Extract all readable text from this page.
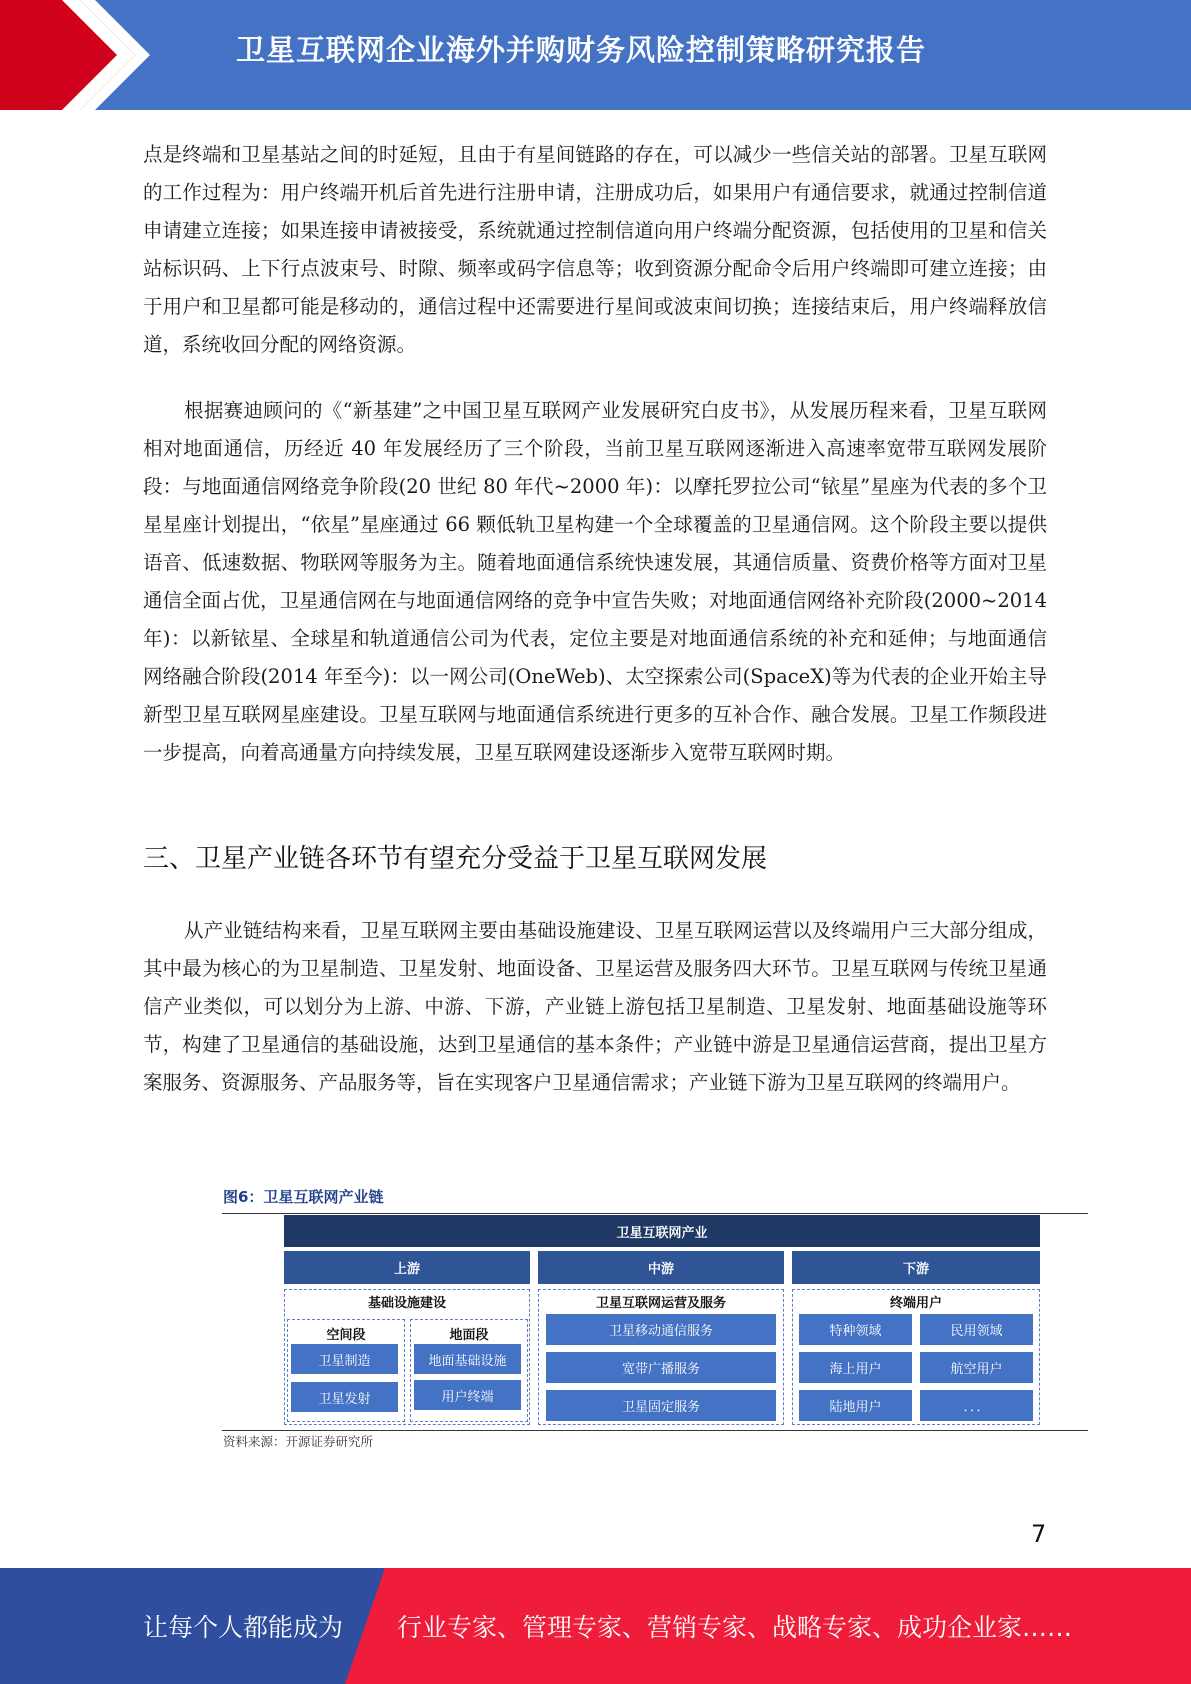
卫星互联网企业海外并购财务风险控制策略研究报告
点是终端和卫星基站之间的时延短，且由于有星间链路的存在，可以减少一些信关站的部署。卫星互联网的工作过程为：用户终端开机后首先进行注册申请，注册成功后，如果用户有通信要求，就通过控制信道申请建立连接；如果连接申请被接受，系统就通过控制信道向用户终端分配资源，包括使用的卫星和信关站标识码、上下行点波束号、时隙、频率或码字信息等；收到资源分配命令后用户终端即可建立连接；由于用户和卫星都可能是移动的，通信过程中还需要进行星间或波束间切换；连接结束后，用户终端释放信道，系统收回分配的网络资源。
根据赛迪顾问的《“新基建”之中国卫星互联网产业发展研究白皮书》，从发展历程来看，卫星互联网相对地面通信，历经近 40 年发展经历了三个阶段，当前卫星互联网逐渐进入高速率宽带互联网发展阶段：与地面通信网络竞争阶段(20 世纪 80 年代~2000 年)：以摩托罗拉公司“铱星”星座为代表的多个卫星星座计划提出，“依星”星座通过 66 颗低轨卫星构建一个全球覆盖的卫星通信网。这个阶段主要以提供语音、低速数据、物联网等服务为主。随着地面通信系统快速发展，其通信质量、资费价格等方面对卫星通信全面占优，卫星通信网在与地面通信网络的竞争中宣告失败；对地面通信网络补充阶段(2000~2014 年)：以新铱星、全球星和轨道通信公司为代表，定位主要是对地面通信系统的补充和延伸；与地面通信网络融合阶段(2014 年至今)：以一网公司(OneWeb)、太空探索公司(SpaceX)等为代表的企业开始主导新型卫星互联网星座建设。卫星互联网与地面通信系统进行更多的互补合作、融合发展。卫星工作频段进一步提高，向着高通量方向持续发展，卫星互联网建设逐渐步入宽带互联网时期。
三、卫星产业链各环节有望充分受益于卫星互联网发展
从产业链结构来看，卫星互联网主要由基础设施建设、卫星互联网运营以及终端用户三大部分组成，其中最为核心的为卫星制造、卫星发射、地面设备、卫星运营及服务四大环节。卫星互联网与传统卫星通信产业类似，可以划分为上游、中游、下游，产业链上游包括卫星制造、卫星发射、地面基础设施等环节，构建了卫星通信的基础设施，达到卫星通信的基本条件；产业链中游是卫星通信运营商，提出卫星方案服务、资源服务、产品服务等，旨在实现客户卫星通信需求；产业链下游为卫星互联网的终端用户。
图6：卫星互联网产业链
卫星互联网产业
上游	中游	下游
基础设施建设
空间段
卫星制造
卫星发射
地面段
地面基础设施
用户终端
卫星互联网运营及服务
卫星移动通信服务
宽带广播服务
卫星固定服务
终端用户
特种领域	民用领域
海上用户	航空用户
陆地用户	．．．
资料来源：开源证券研究所
7
让每个人都能成为 行业专家、管理专家、营销专家、战略专家、成功企业家……
